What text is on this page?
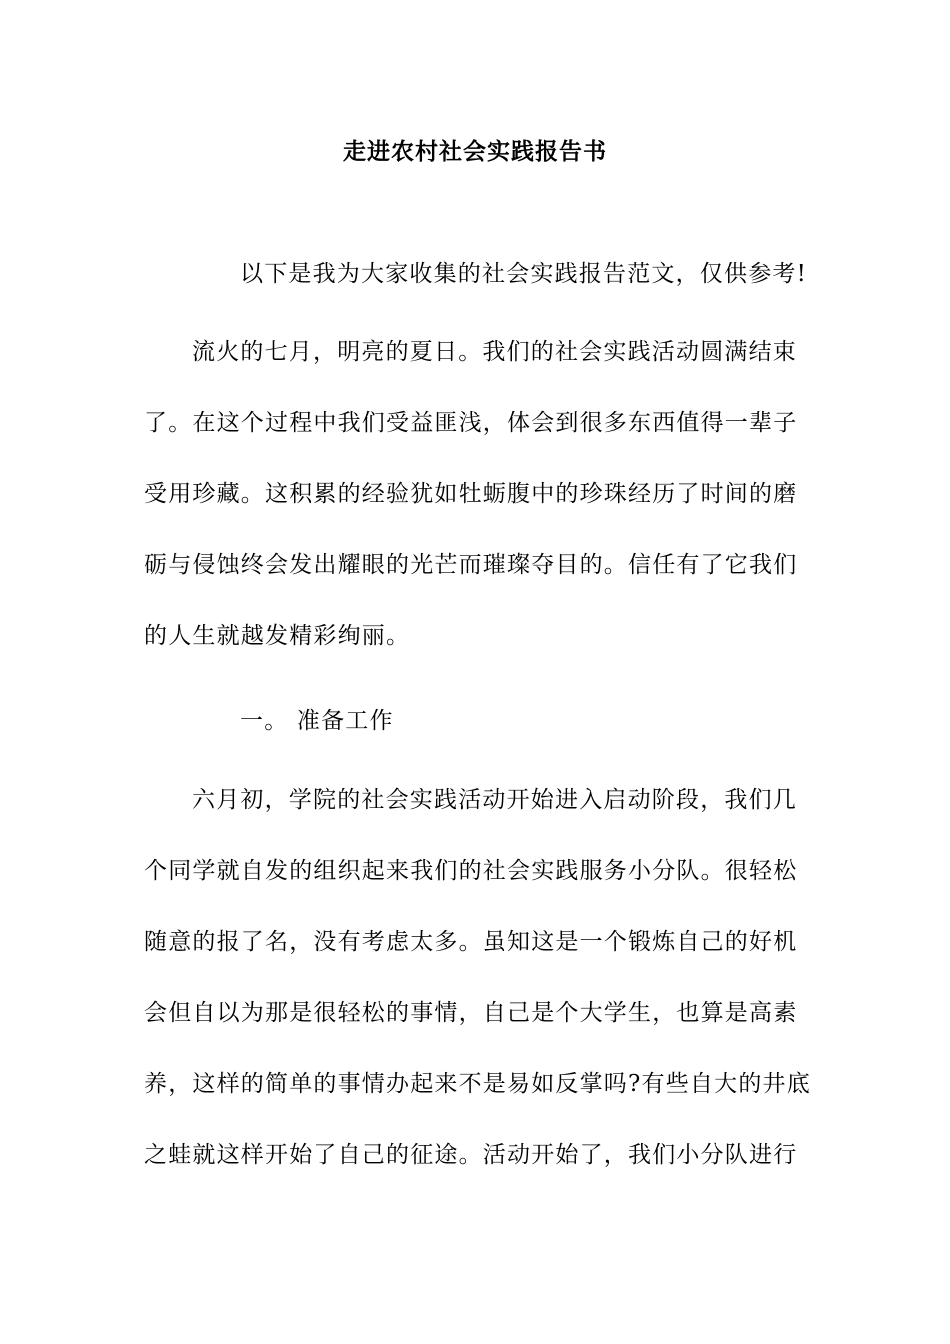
走进农村社会实践报告书
以下是我为大家收集的社会实践报告范文，仅供参考!
流火的七月，明亮的夏日。我们的社会实践活动圆满结束
了。在这个过程中我们受益匪浅，体会到很多东西值得一辈子
受用珍藏。这积累的经验犹如牡蛎腹中的珍珠经历了时间的磨
砺与侵蚀终会发出耀眼的光芒而璀璨夺目的。信任有了它我们
的人生就越发精彩绚丽。
一。 准备工作
六月初，学院的社会实践活动开始进入启动阶段，我们几
个同学就自发的组织起来我们的社会实践服务小分队。很轻松
随意的报了名，没有考虑太多。虽知这是一个锻炼自己的好机
会但自以为那是很轻松的事情，自己是个大学生，也算是高素
养，这样的简单的事情办起来不是易如反掌吗?有些自大的井底
之蛙就这样开始了自己的征途。活动开始了，我们小分队进行
